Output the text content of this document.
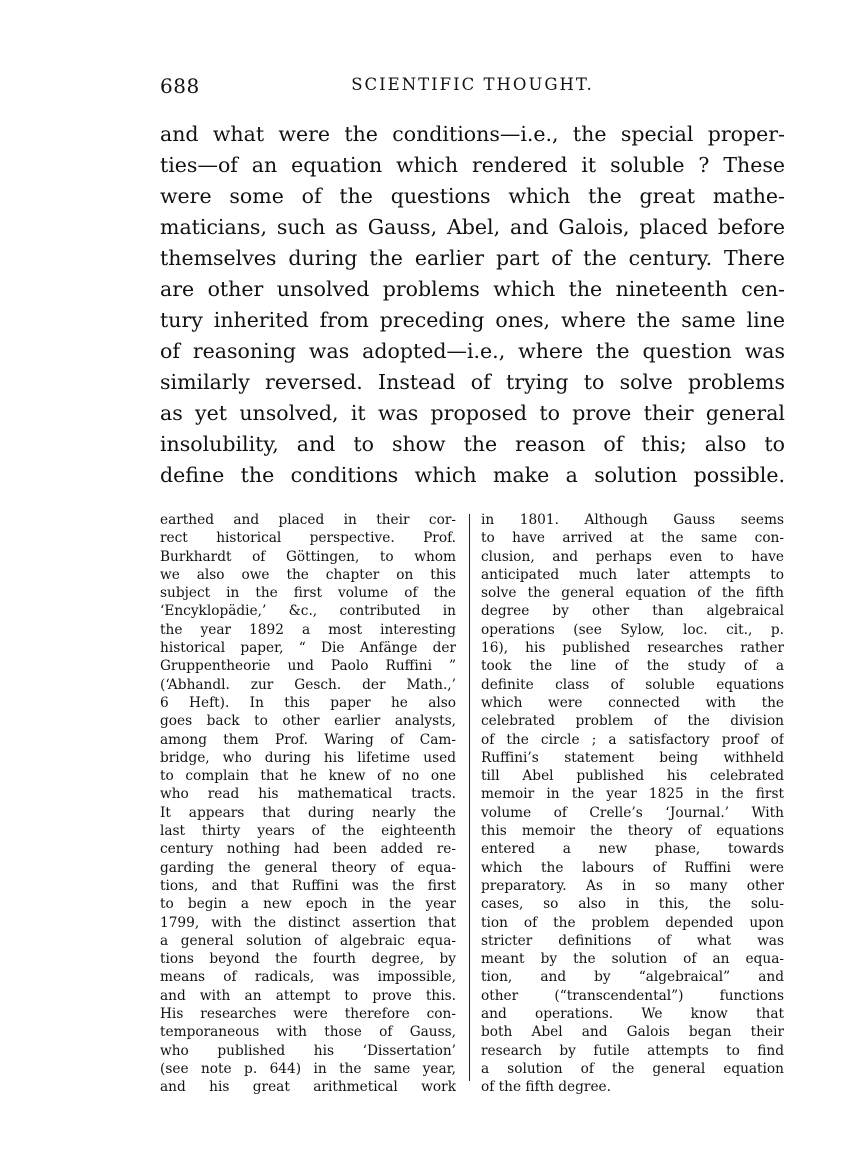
688	SCIENTIFIC THOUGHT.
and what were the conditions—i.e., the special proper-
ties—of an equation which rendered it soluble ? These
were some of the questions which the great mathe-
maticians, such as Gauss, Abel, and Galois, placed before
themselves during the earlier part of the century. There
are other unsolved problems which the nineteenth cen-
tury inherited from preceding ones, where the same line
of reasoning was adopted—i.e., where the question was
similarly reversed. Instead of trying to solve problems
as yet unsolved, it was proposed to prove their general
insolubility, and to show the reason of this; also to
define the conditions which make a solution possible.
earthed and placed in their cor-
rect historical perspective. Prof.
Burkhardt of Göttingen, to whom
we also owe the chapter on this
subject in the first volume of the
‘Encyklopädie,’ &c., contributed in
the year 1892 a most interesting
historical paper, “ Die Anfänge der
Gruppentheorie und Paolo Ruffini ”
(‘Abhandl. zur Gesch. der Math.,’
6 Heft). In this paper he also
goes back to other earlier analysts,
among them Prof. Waring of Cam-
bridge, who during his lifetime used
to complain that he knew of no one
who read his mathematical tracts.
It appears that during nearly the
last thirty years of the eighteenth
century nothing had been added re-
garding the general theory of equa-
tions, and that Ruffini was the first
to begin a new epoch in the year
1799, with the distinct assertion that
a general solution of algebraic equa-
tions beyond the fourth degree, by
means of radicals, was impossible,
and with an attempt to prove this.
His researches were therefore con-
temporaneous with those of Gauss,
who published his ‘Dissertation’
(see note p. 644) in the same year,
and his great arithmetical work
in 1801. Although Gauss seems
to have arrived at the same con-
clusion, and perhaps even to have
anticipated much later attempts to
solve the general equation of the fifth
degree by other than algebraical
operations (see Sylow, loc. cit., p.
16), his published researches rather
took the line of the study of a
definite class of soluble equations
which were connected with the
celebrated problem of the division
of the circle ; a satisfactory proof of
Ruffini’s statement being withheld
till Abel published his celebrated
memoir in the year 1825 in the first
volume of Crelle’s ‘Journal.’ With
this memoir the theory of equations
entered a new phase, towards
which the labours of Ruffini were
preparatory. As in so many other
cases, so also in this, the solu-
tion of the problem depended upon
stricter definitions of what was
meant by the solution of an equa-
tion, and by “algebraical” and
other (“transcendental”) functions
and operations. We know that
both Abel and Galois began their
research by futile attempts to find
a solution of the general equation
of the fifth degree.
